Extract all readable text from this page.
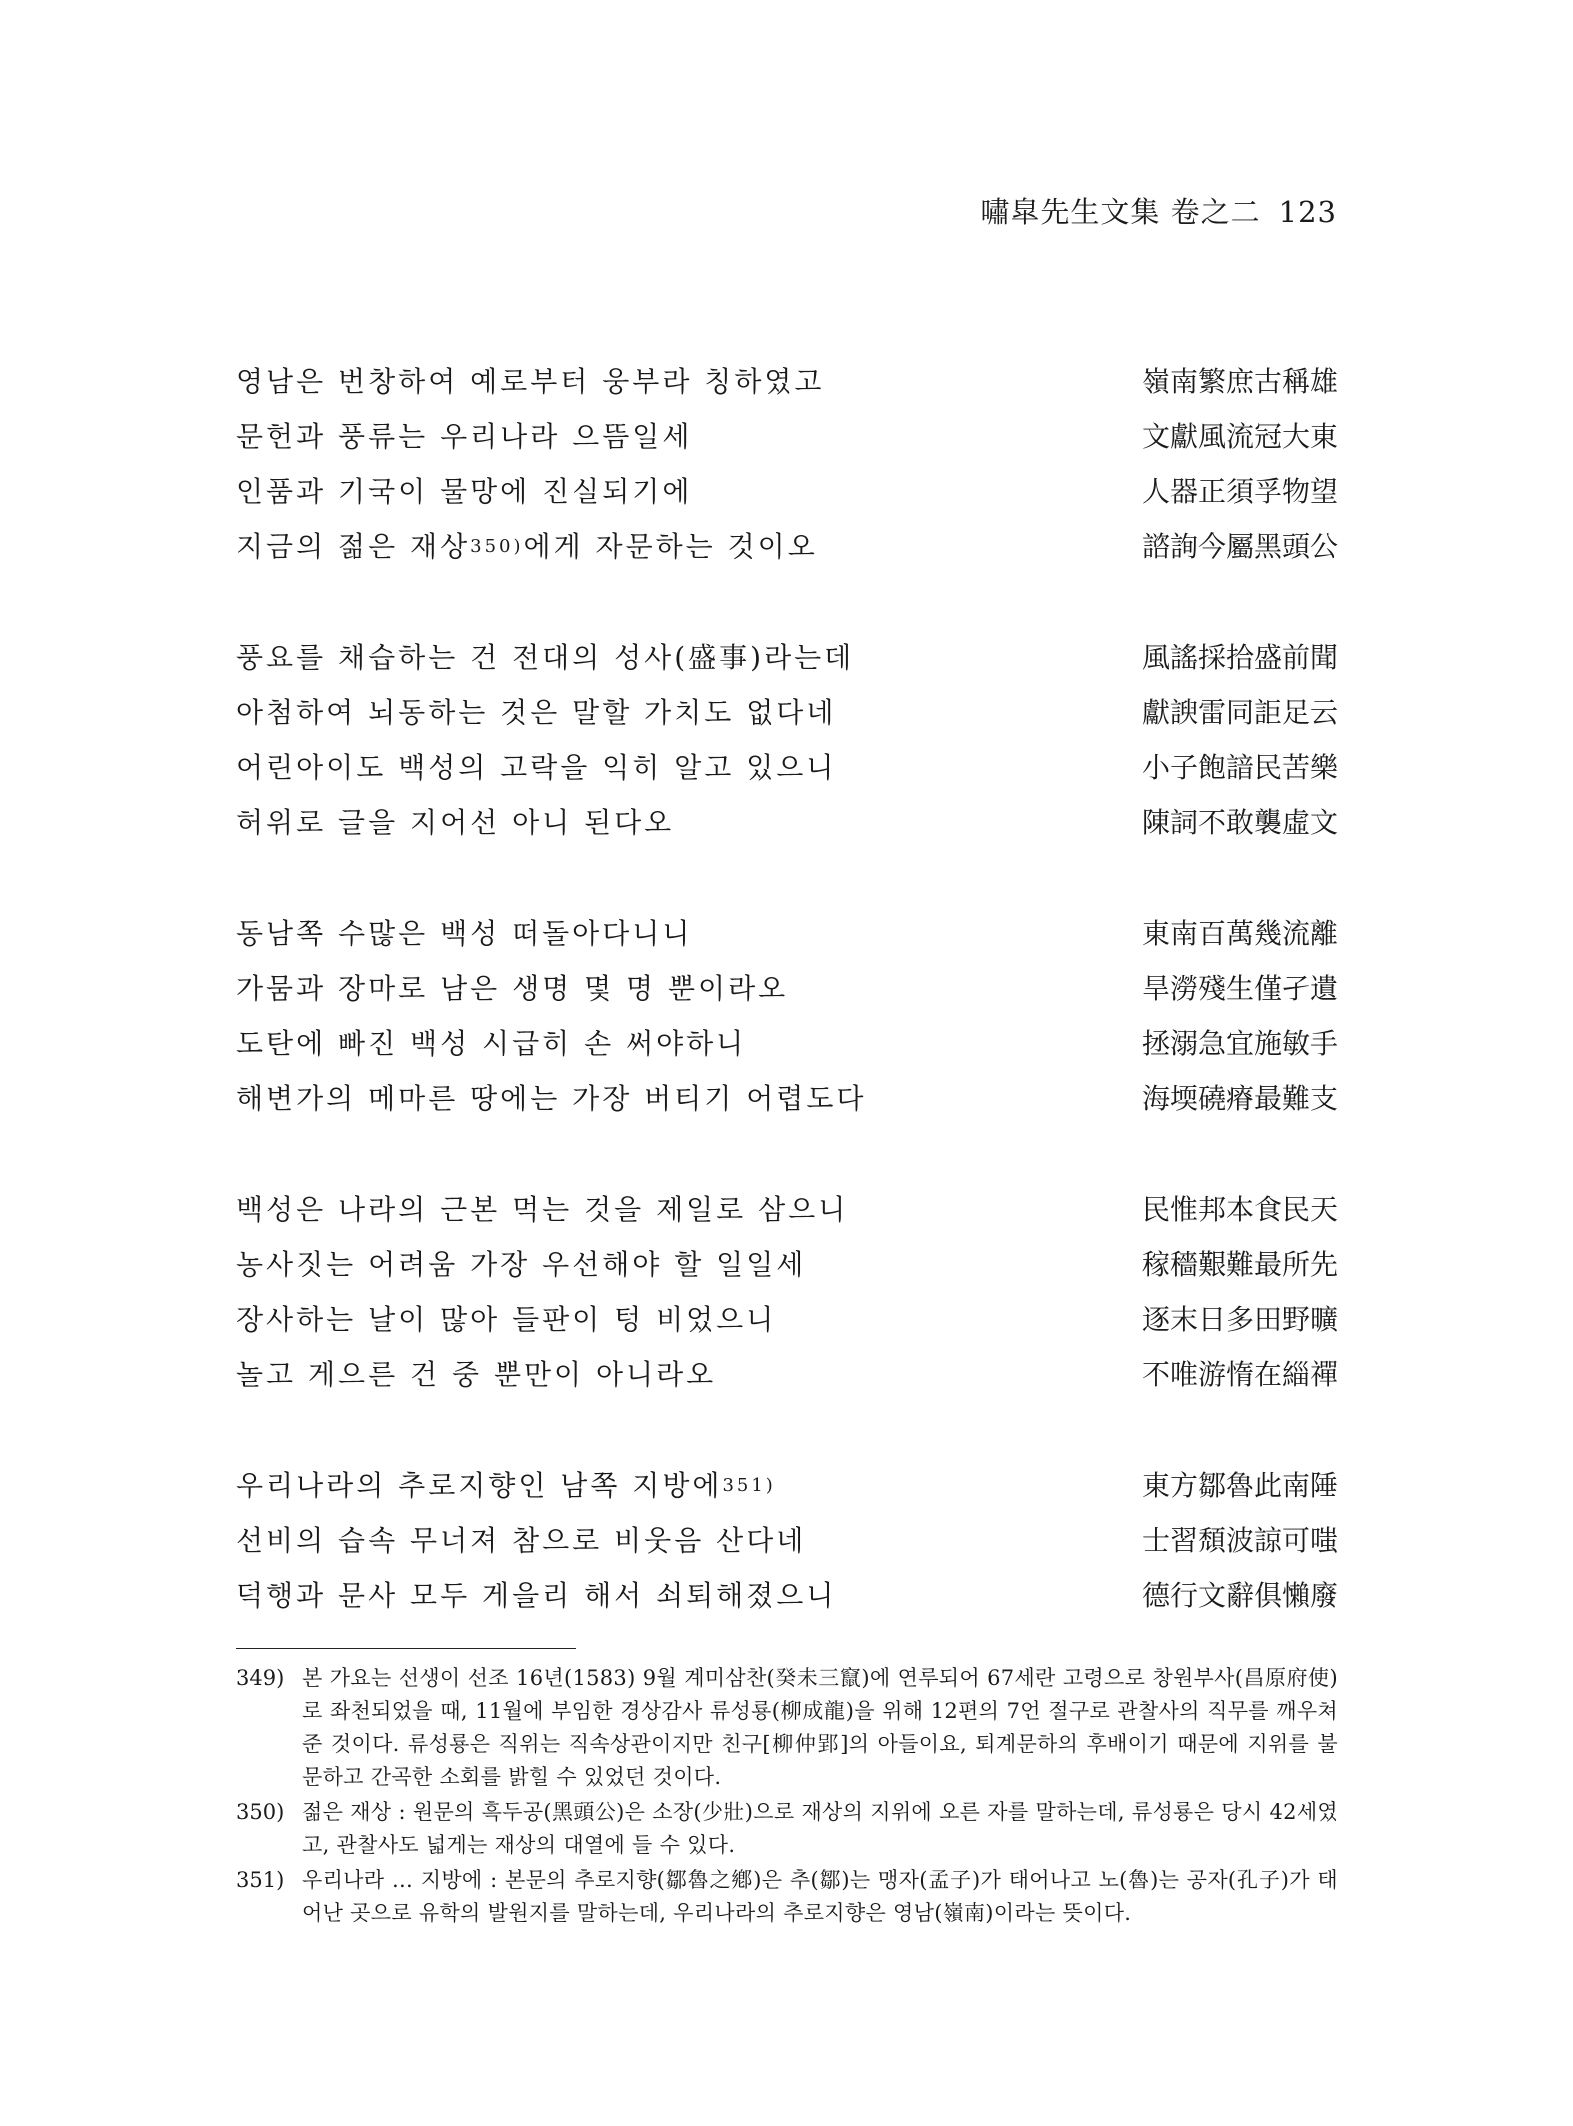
嘯皐先生文集 卷之二 123
영남은 번창하여 예로부터 웅부라 칭하였고	嶺南繁庶古稱雄
문헌과 풍류는 우리나라 으뜸일세	文獻風流冠大東
인품과 기국이 물망에 진실되기에	人器正須孚物望
지금의 젊은 재상$^{350)}$에게 자문하는 것이오	諮詢今屬黑頭公
풍요를 채습하는 건 전대의 성사(盛事)라는데	風謠採拾盛前聞
아첨하여 뇌동하는 것은 말할 가치도 없다네	獻諛雷同詎足云
어린아이도 백성의 고락을 익히 알고 있으니	小子飽諳民苦樂
허위로 글을 지어선 아니 된다오	陳詞不敢襲虛文
동남쪽 수많은 백성 떠돌아다니니	東南百萬幾流離
가뭄과 장마로 남은 생명 몇 명 뿐이라오	旱澇殘生僅孑遺
도탄에 빠진 백성 시급히 손 써야하니	拯溺急宜施敏手
해변가의 메마른 땅에는 가장 버티기 어렵도다	海堧磽瘠最難支
백성은 나라의 근본 먹는 것을 제일로 삼으니	民惟邦本食民天
농사짓는 어려움 가장 우선해야 할 일일세	稼穡艱難最所先
장사하는 날이 많아 들판이 텅 비었으니	逐末日多田野曠
놀고 게으른 건 중 뿐만이 아니라오	不唯游惰在緇禪
우리나라의 추로지향인 남쪽 지방에$^{351)}$	東方鄒魯此南陲
선비의 습속 무너져 참으로 비웃음 산다네	士習頹波諒可嗤
덕행과 문사 모두 게을리 해서 쇠퇴해졌으니	德行文辭俱懶廢
349) 본 가요는 선생이 선조 16년(1583) 9월 계미삼찬(癸未三竄)에 연루되어 67세란 고령으로 창원부사(昌原府使)로 좌천되었을 때, 11월에 부임한 경상감사 류성룡(柳成龍)을 위해 12편의 7언 절구로 관찰사의 직무를 깨우쳐 준 것이다. 류성룡은 직위는 직속상관이지만 친구[柳仲郢]의 아들이요, 퇴계문하의 후배이기 때문에 지위를 불문하고 간곡한 소회를 밝힐 수 있었던 것이다.
350) 젊은 재상 : 원문의 흑두공(黑頭公)은 소장(少壯)으로 재상의 지위에 오른 자를 말하는데, 류성룡은 당시 42세였고, 관찰사도 넓게는 재상의 대열에 들 수 있다.
351) 우리나라 … 지방에 : 본문의 추로지향(鄒魯之鄕)은 추(鄒)는 맹자(孟子)가 태어나고 노(魯)는 공자(孔子)가 태어난 곳으로 유학의 발원지를 말하는데, 우리나라의 추로지향은 영남(嶺南)이라는 뜻이다.
